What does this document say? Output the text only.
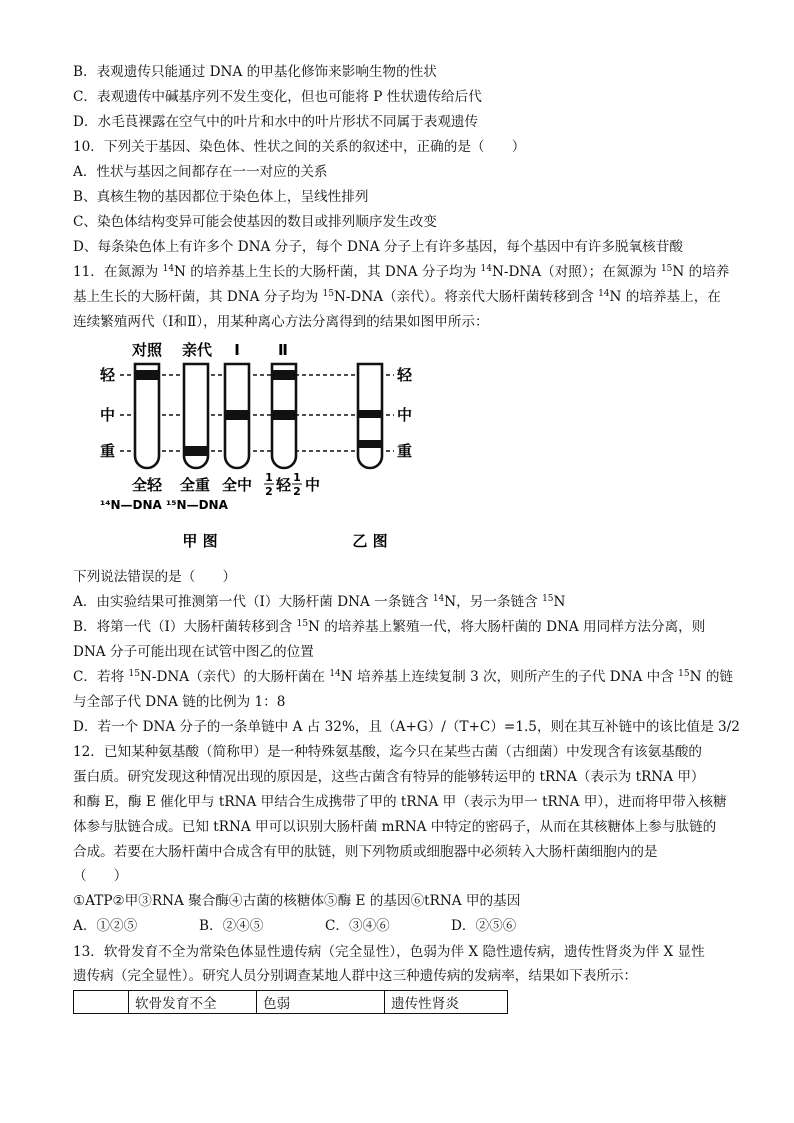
B．表观遗传只能通过 DNA 的甲基化修饰来影响生物的性状
C．表观遗传中碱基序列不发生变化，但也可能将 P 性状遗传给后代
D．水毛茛裸露在空气中的叶片和水中的叶片形状不同属于表观遗传
10．下列关于基因、染色体、性状之间的关系的叙述中，正确的是（　　）
A．性状与基因之间都存在一一对应的关系
B、真核生物的基因都位于染色体上，呈线性排列
C、染色体结构变异可能会使基因的数目或排列顺序发生改变
D、每条染色体上有许多个 DNA 分子，每个 DNA 分子上有许多基因，每个基因中有许多脱氧核苷酸
11．在氮源为 $^{14}$N 的培养基上生长的大肠杆菌，其 DNA 分子均为 $^{14}$N-DNA（对照）；在氮源为 $^{15}$N 的培养
基上生长的大肠杆菌，其 DNA 分子均为 $^{15}$N-DNA（亲代）。将亲代大肠杆菌转移到含 $^{14}$N 的培养基上，在
连续繁殖两代（Ⅰ和Ⅱ），用某种离心方法分离得到的结果如图甲所示：
对照 亲代 Ⅰ	Ⅱ
轻
中
重
轻
中
重
全轻 全重 全中 1
2 轻 1
2 中
¹⁴N—DNA ¹⁵N—DNA
甲 图	乙 图
下列说法错误的是（　　）
A．由实验结果可推测第一代（Ⅰ）大肠杆菌 DNA 一条链含 $^{14}$N，另一条链含 $^{15}$N
B．将第一代（Ⅰ）大肠杆菌转移到含 $^{15}$N 的培养基上繁殖一代，将大肠杆菌的 DNA 用同样方法分离，则
DNA 分子可能出现在试管中图乙的位置
C．若将 $^{15}$N-DNA（亲代）的大肠杆菌在 $^{14}$N 培养基上连续复制 3 次，则所产生的子代 DNA 中含 $^{15}$N 的链
与全部子代 DNA 链的比例为 1：8
D．若一个 DNA 分子的一条单链中 A 占 32%，且（A+G）/（T+C）=1.5，则在其互补链中的该比值是 3/2
12．已知某种氨基酸（简称甲）是一种特殊氨基酸，迄今只在某些古菌（古细菌）中发现含有该氨基酸的
蛋白质。研究发现这种情况出现的原因是，这些古菌含有特异的能够转运甲的 tRNA（表示为 tRNA 甲）
和酶 E，酶 E 催化甲与 tRNA 甲结合生成携带了甲的 tRNA 甲（表示为甲一 tRNA 甲），进而将甲带入核糖
体参与肽链合成。已知 tRNA 甲可以识别大肠杆菌 mRNA 中特定的密码子，从而在其核糖体上参与肽链的
合成。若要在大肠杆菌中合成含有甲的肽链，则下列物质或细胞器中必须转入大肠杆菌细胞内的是
（　　）
①ATP②甲③RNA 聚合酶④古菌的核糖体⑤酶 E 的基因⑥tRNA 甲的基因
A．①②⑤	B．②④⑤	C．③④⑥	D．②⑤⑥
13．软骨发育不全为常染色体显性遗传病（完全显性），色弱为伴 X 隐性遗传病，遗传性肾炎为伴 X 显性
遗传病（完全显性）。研究人员分别调查某地人群中这三种遗传病的发病率，结果如下表所示：
	软骨发育不全	色弱	遗传性肾炎
